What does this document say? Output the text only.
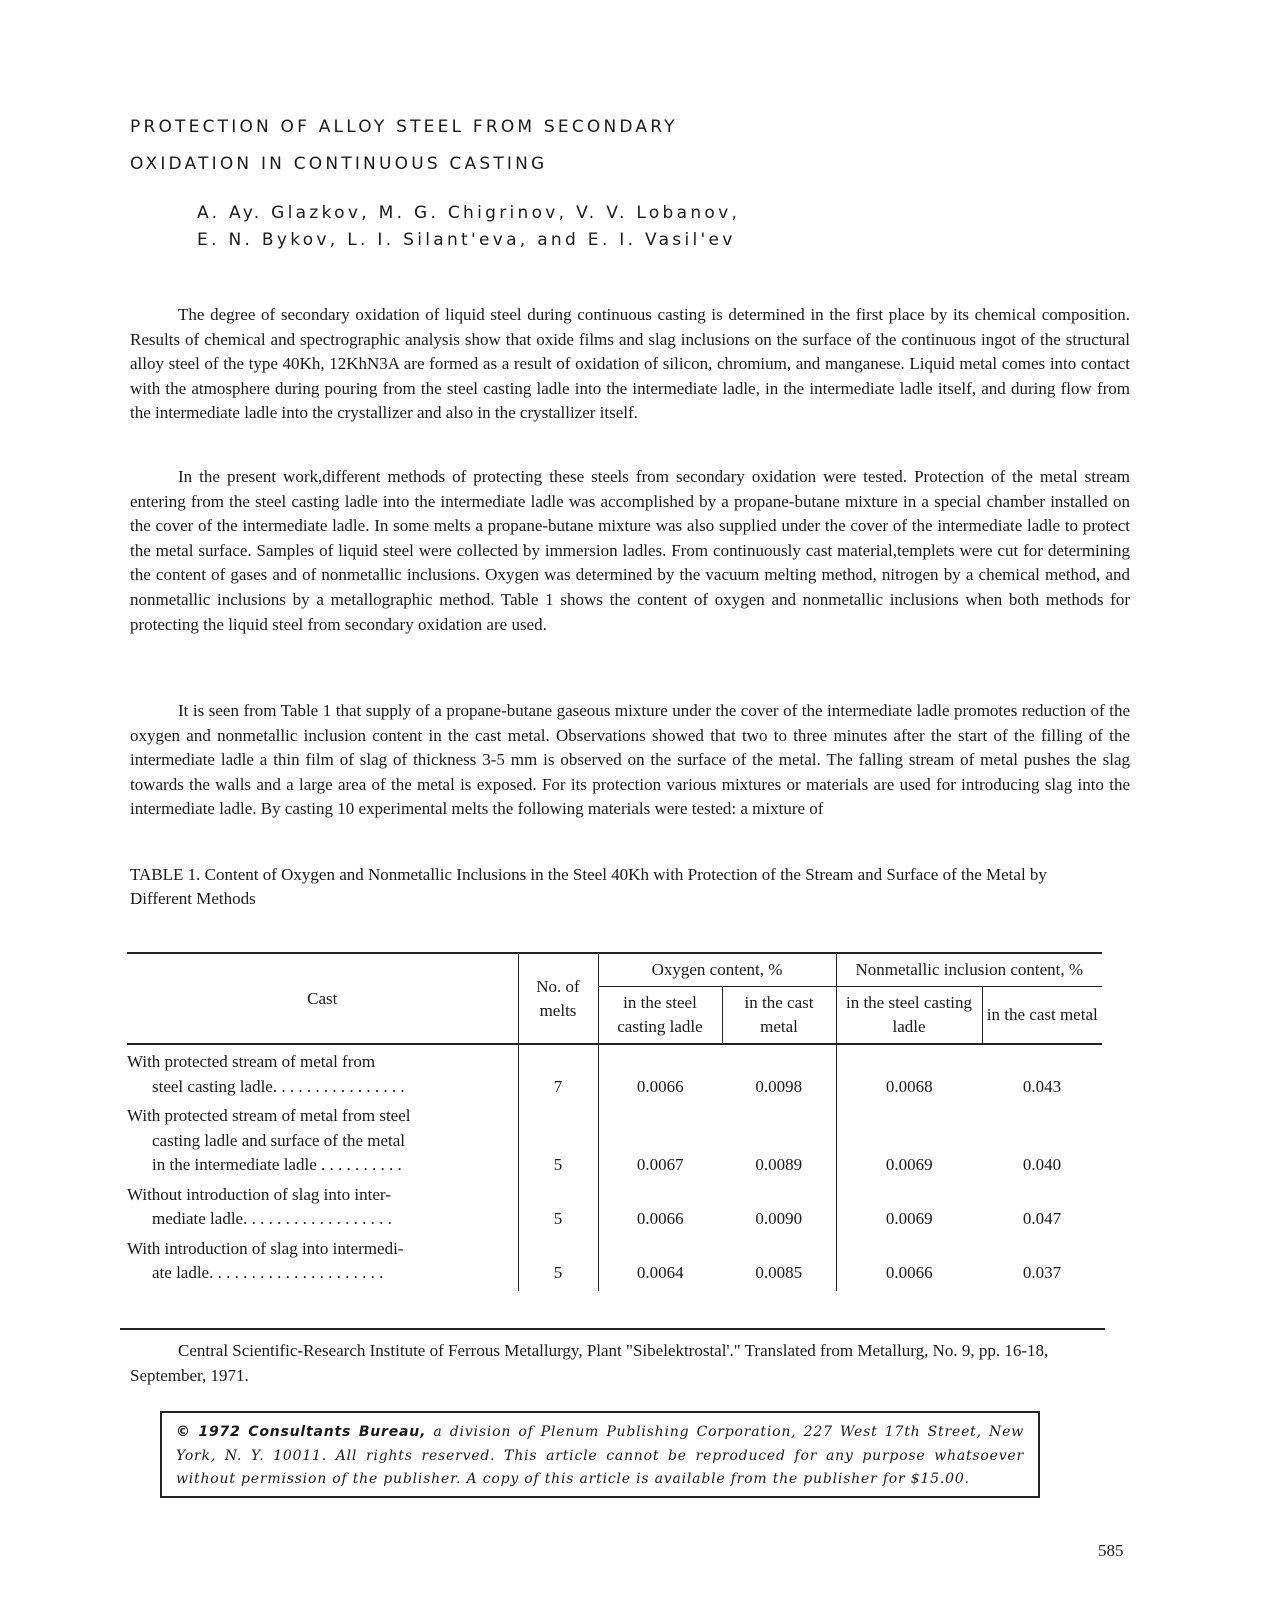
PROTECTION OF ALLOY STEEL FROM SECONDARY
OXIDATION IN CONTINUOUS CASTING

A. Ay. Glazkov, M. G. Chigrinov, V. V. Lobanov,

E. N. Bykov, L. I. Silant'eva, and E. I. Vasil'ev

The degree of secondary oxidation of liquid steel during continuous casting is determined in the first place by its chemical composition. Results of chemical and spectrographic analysis show that oxide films and slag inclusions on the surface of the continuous ingot of the structural alloy steel of the type 40Kh, 12KhN3A are formed as a result of oxidation of silicon, chromium, and manganese. Liquid metal comes into contact with the atmosphere during pouring from the steel casting ladle into the intermediate ladle, in the intermediate ladle itself, and during flow from the intermediate ladle into the crystallizer and also in the crystallizer itself.

In the present work,different methods of protecting these steels from secondary oxidation were tested. Protection of the metal stream entering from the steel casting ladle into the intermediate ladle was accomplished by a propane-butane mixture in a special chamber installed on the cover of the intermediate ladle. In some melts a propane-butane mixture was also supplied under the cover of the intermediate ladle to protect the metal surface. Samples of liquid steel were collected by immersion ladles. From continuously cast material,templets were cut for determining the content of gases and of nonmetallic inclusions. Oxygen was determined by the vacuum melting method, nitrogen by a chemical method, and nonmetallic inclusions by a metallographic method. Table 1 shows the content of oxygen and nonmetallic inclusions when both methods for protecting the liquid steel from secondary oxidation are used.

It is seen from Table 1 that supply of a propane-butane gaseous mixture under the cover of the intermediate ladle promotes reduction of the oxygen and nonmetallic inclusion content in the cast metal. Observations showed that two to three minutes after the start of the filling of the intermediate ladle a thin film of slag of thickness 3-5 mm is observed on the surface of the metal. The falling stream of metal pushes the slag towards the walls and a large area of the metal is exposed. For its protection various mixtures or materials are used for introducing slag into the intermediate ladle. By casting 10 experimental melts the following materials were tested: a mixture of

TABLE 1. Content of Oxygen and Nonmetallic Inclusions in the Steel 40Kh with Protection of the Stream and Surface of the Metal by Different Methods

Cast	No. of melts	Oxygen content, %		Nonmetallic inclusion content, %	
		in the steel casting ladle	in the cast metal	in the steel casting ladle	in the cast metal

With protected stream of metal from
steel casting ladle. . . . . . . . . . . . . . . .	7	0.0066	0.0098	0.0068	0.043

With protected stream of metal from steel
casting ladle and surface of the metal
in the intermediate ladle . . . . . . . . . .	5	0.0067	0.0089	0.0069	0.040

Without introduction of slag into inter-
mediate ladle. . . . . . . . . . . . . . . . . .	5	0.0066	0.0090	0.0069	0.047

With introduction of slag into intermedi-
ate ladle. . . . . . . . . . . . . . . . . . . . .	5	0.0064	0.0085	0.0066	0.037

Central Scientific-Research Institute of Ferrous Metallurgy, Plant "Sibelektrostal'." Translated from Metallurg, No. 9, pp. 16-18, September, 1971.

© 1972 Consultants Bureau, a division of Plenum Publishing Corporation, 227 West 17th Street, New York, N. Y. 10011. All rights reserved. This article cannot be reproduced for any purpose whatsoever without permission of the publisher. A copy of this article is available from the publisher for $15.00.
585
